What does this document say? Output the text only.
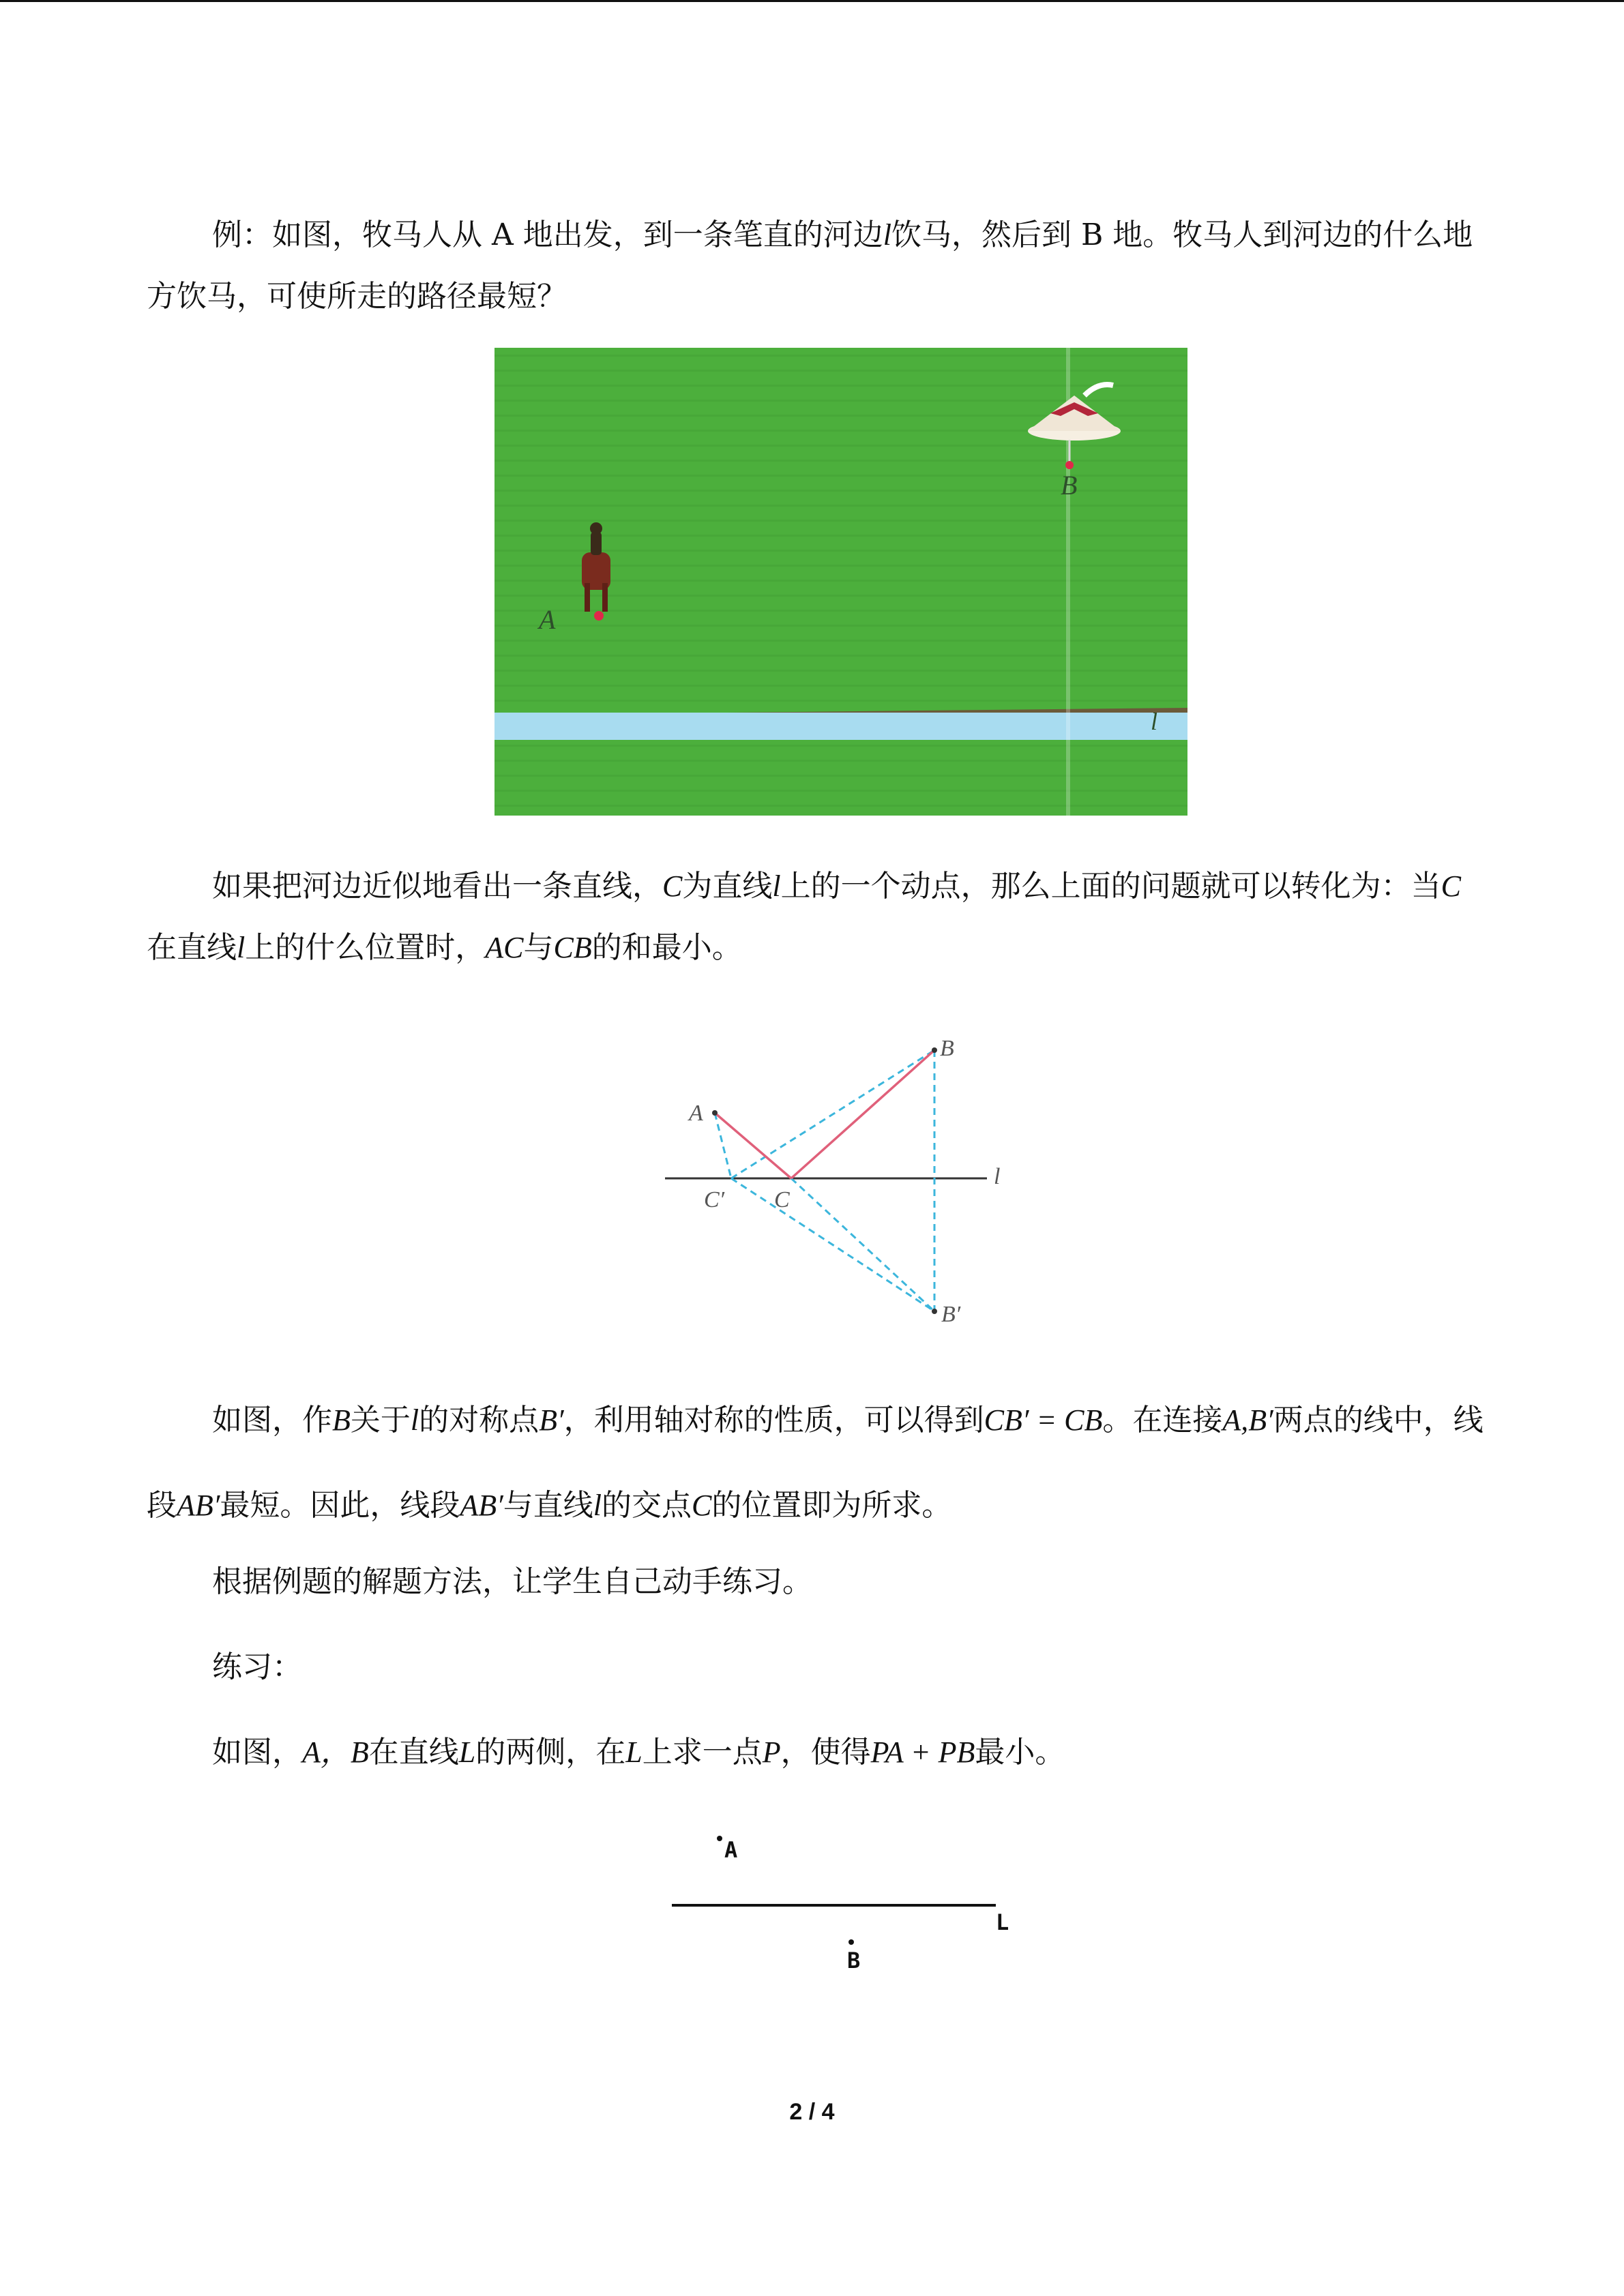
例：如图，牧马人从 A 地出发，到一条笔直的河边l饮马，然后到 B 地。牧马人到河边的什么地方饮马，可使所走的路径最短？

B
A
l

如果把河边近似地看出一条直线，C为直线l上的一个动点，那么上面的问题就可以转化为：当C在直线l上的什么位置时，AC与CB的和最小。

A
B
C′ C
B′
l

如图，作B关于l的对称点B′，利用轴对称的性质，可以得到CB′ = CB。在连接A,B′两点的线中，线段AB′最短。因此，线段AB′与直线l的交点C的位置即为所求。

根据例题的解题方法，让学生自己动手练习。

练习：

如图，A，B在直线L的两侧，在L上求一点P，使得PA + PB最小。

A
L
B
2 / 4
